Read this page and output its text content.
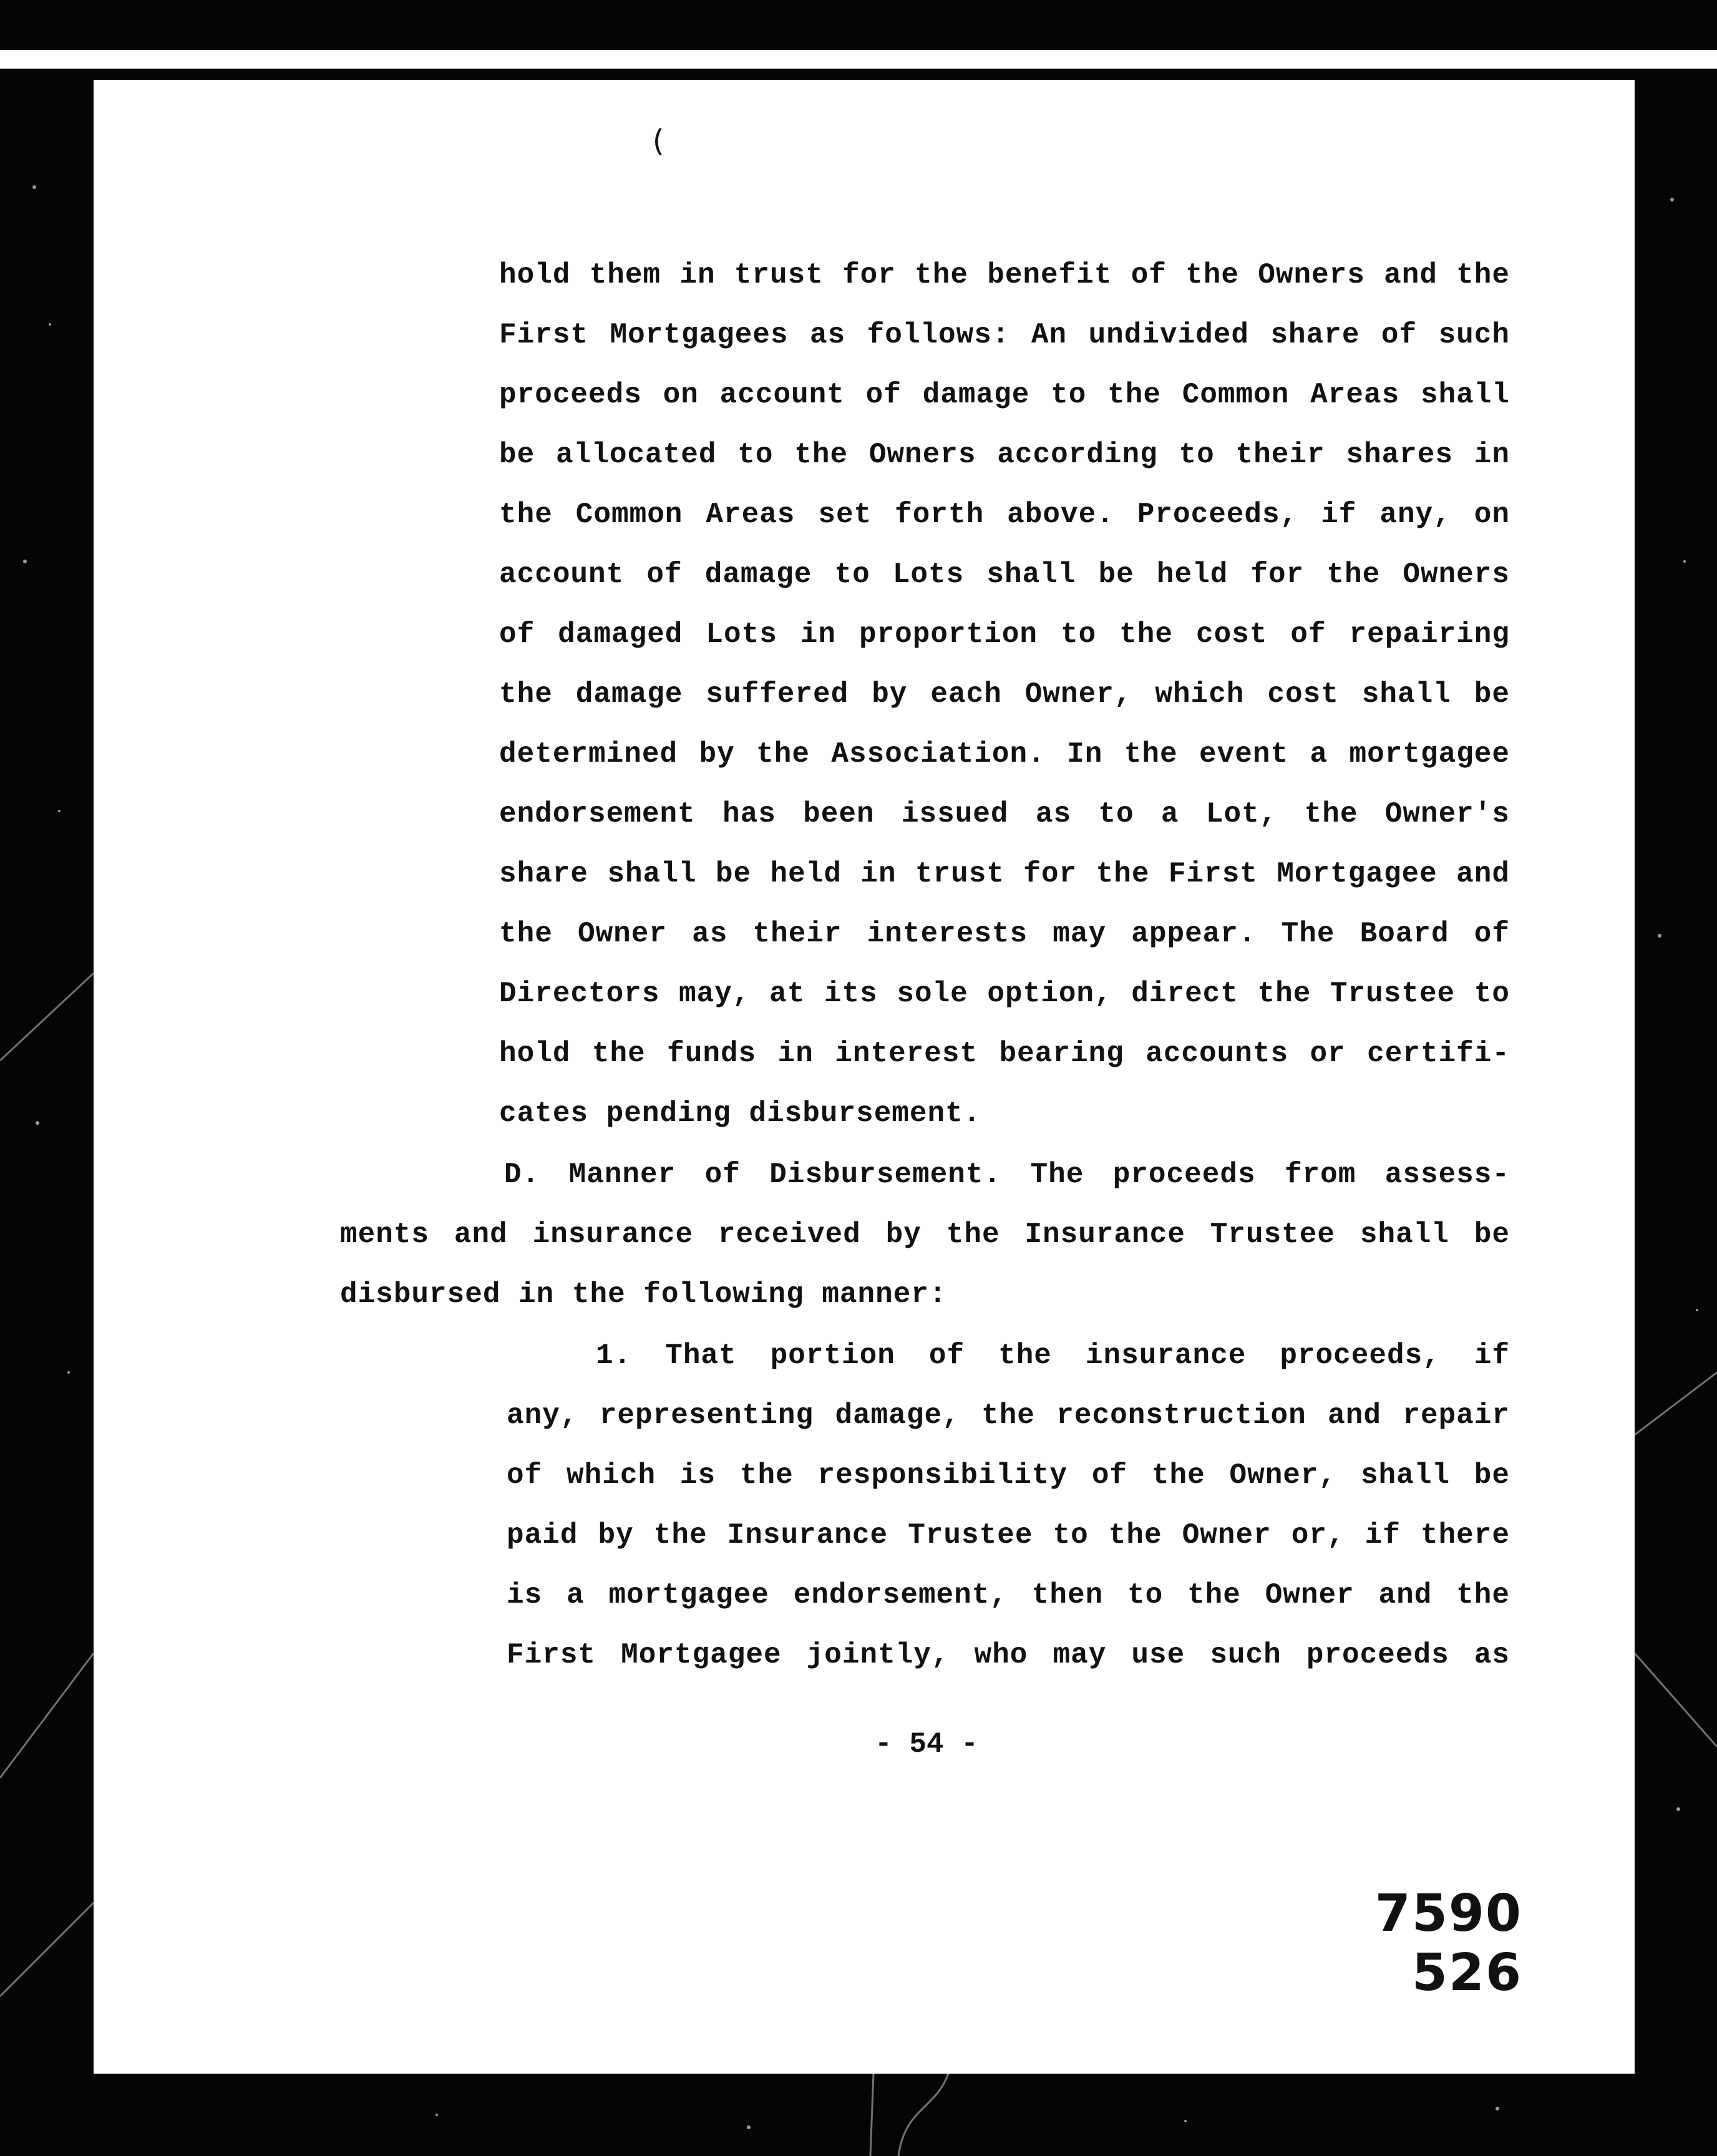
(
hold them in trust for the benefit of the Owners and the
First Mortgagees as follows: An undivided share of such
proceeds on account of damage to the Common Areas shall
be allocated to the Owners according to their shares in
the Common Areas set forth above. Proceeds, if any, on
account of damage to Lots shall be held for the Owners
of damaged Lots in proportion to the cost of repairing
the damage suffered by each Owner, which cost shall be
determined by the Association. In the event a mortgagee
endorsement has been issued as to a Lot, the Owner's
share shall be held in trust for the First Mortgagee and
the Owner as their interests may appear. The Board of
Directors may, at its sole option, direct the Trustee to
hold the funds in interest bearing accounts or certifi-
cates pending disbursement.
D. Manner of Disbursement. The proceeds from assess-
ments and insurance received by the Insurance Trustee shall be
disbursed in the following manner:
1. That portion of the insurance proceeds, if
any, representing damage, the reconstruction and repair
of which is the responsibility of the Owner, shall be
paid by the Insurance Trustee to the Owner or, if there
is a mortgagee endorsement, then to the Owner and the
First Mortgagee jointly, who may use such proceeds as
- 54 -
7590 526
